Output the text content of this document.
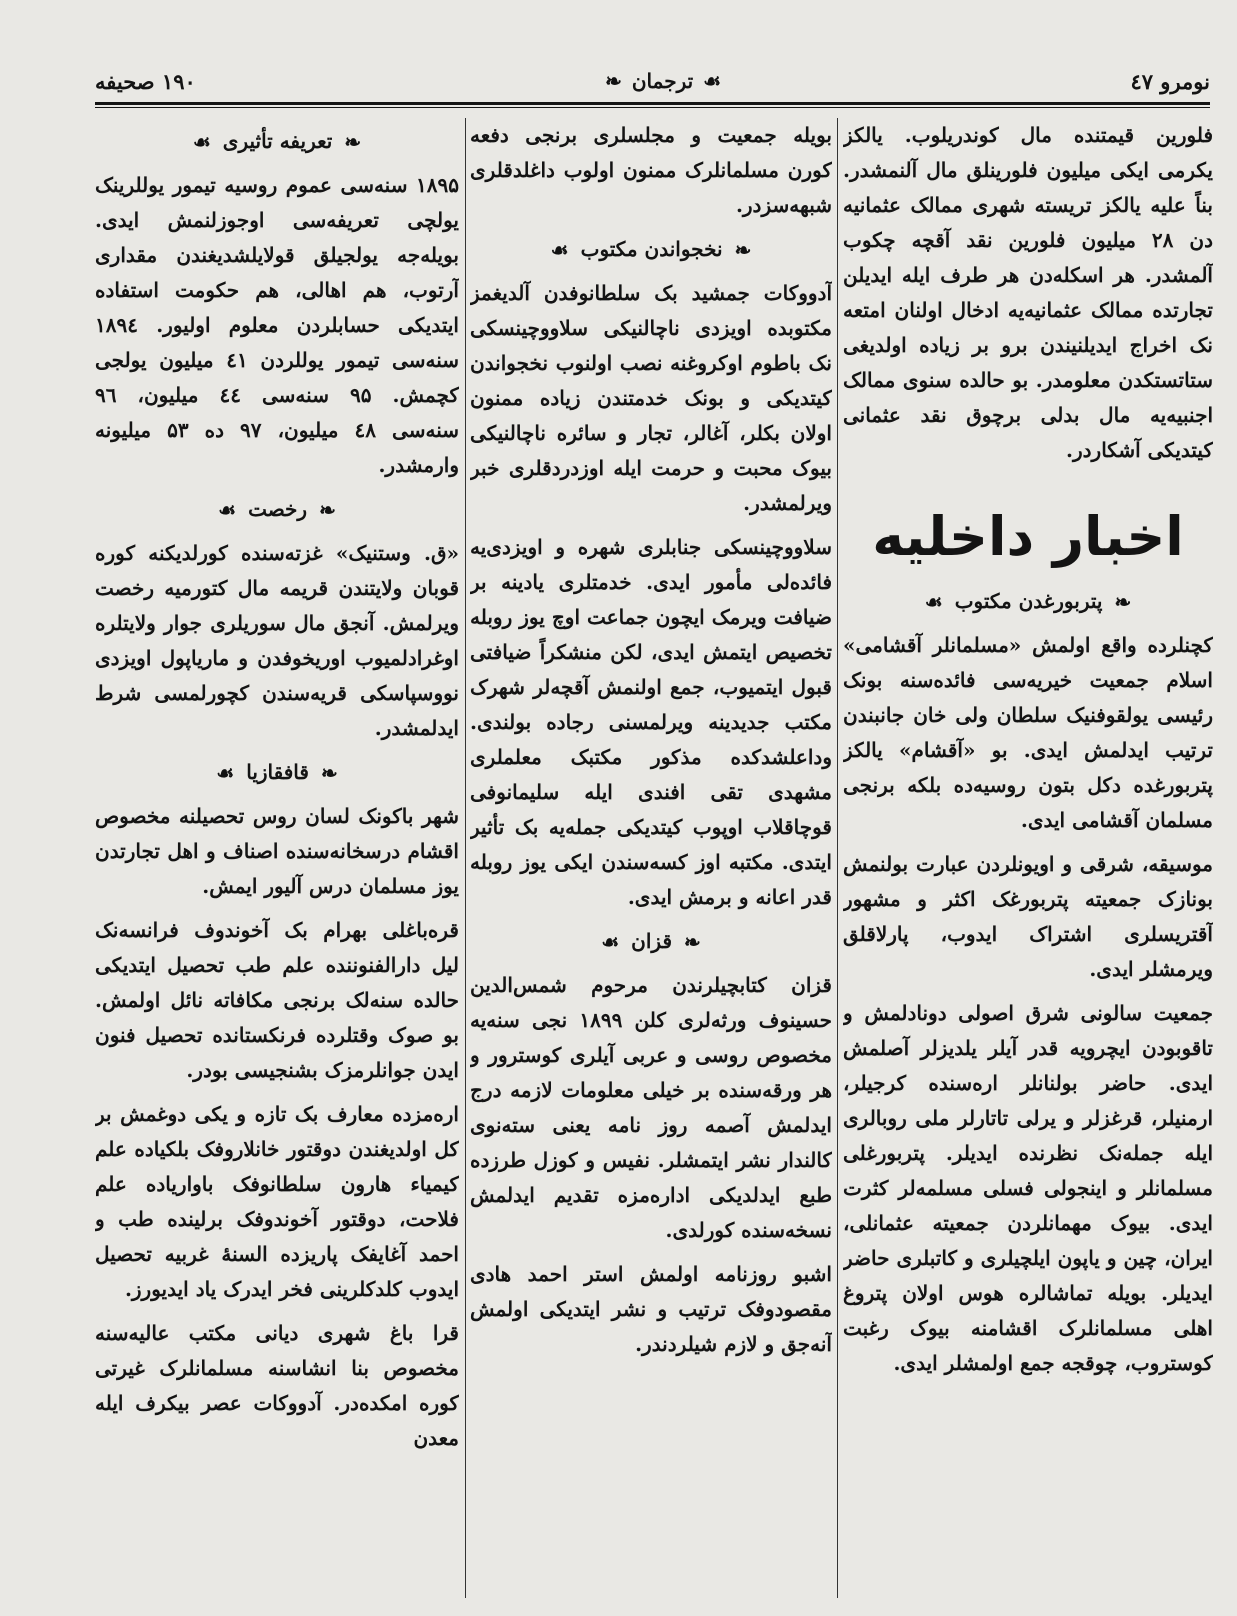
١٩٠ صحیفه	❧ ترجمان ☙	نومرو ٤٧

فلورین قیمتنده مال کوندریلوب. یالکز یکرمی ایکی میلیون فلورینلق مال آلنمشدر. بناً علیه یالکز تریسته شهری ممالک عثمانیه دن ۲۸ میلیون فلورین نقد آقچه چکوب آلمشدر. هر اسکله‌دن هر طرف ایله ایدیلن تجارتده ممالک عثمانیه‌یه ادخال اولنان امتعه نک اخراج ایدیلنیندن برو بر زیاده اولدیغی ستاتستکدن معلومدر. بو حالده سنوی ممالک اجنبیه‌یه مال بدلی برچوق نقد عثمانی کیتدیکی آشکاردر.

اخبار داخلیه
❧
پتربورغدن مکتوب
☙

کچنلرده واقع اولمش «مسلمانلر آقشامی» اسلام جمعیت خیریه‌سی فائده‌سنه بونک رئیسی یولقوفنیک سلطان ولی خان جانبندن ترتیب ایدلمش ایدی. بو «آقشام» یالکز پتربورغده دکل بتون روسیه‌ده بلکه برنجی مسلمان آقشامی ایدی.

موسیقه، شرقی و اویونلردن عبارت بولنمش بونازک جمعیته پتربورغک اکثر و مشهور آقتریسلری اشتراک ایدوب، پارلاقلق ویرمشلر ایدی.

جمعیت سالونی شرق اصولی دونادلمش و تاقوبودن ایچرویه قدر آیلر یلدیزلر آصلمش ایدی. حاضر بولنانلر ارەسنده کرجیلر، ارمنیلر، قرغزلر و یرلی تاتارلر ملی روبالری ایله جمله‌نک نظرنده ایدیلر. پتربورغلی مسلمانلر و اینجولی فسلی مسلمەلر کثرت ایدی. بیوک مهمانلردن جمعیته عثمانلی، ایران، چین و یاپون ایلچیلری و کاتبلری حاضر ایدیلر. بویله تماشالره هوس اولان پتروغ اهلی مسلمانلرک اقشامنه بیوک رغبت کوستروب، چوقجه جمع اولمشلر ایدی.

بویله جمعیت و مجلسلری برنجی دفعه کورن مسلمانلرک ممنون اولوب داغلدقلری شبهه‌سزدر.

❧
نخجواندن مکتوب
☙

آدووکات جمشید بک سلطانوفدن آلدیغمز مکتوبده اویزدی ناچالنیکی سلاووچینسکی نک باطوم اوکروغنه نصب اولنوب نخجواندن کیتدیکی و بونک خدمتندن زیاده ممنون اولان بکلر، آغالر، تجار و سائره ناچالنیکی بیوک محبت و حرمت ایله اوزدردقلری خبر ویرلمشدر.

سلاووچینسکی جنابلری شهره و اویزدی‌یه فائده‌لی مأمور ایدی. خدمتلری یادینه بر ضیافت ویرمک ایچون جماعت اوچ یوز روبله تخصیص ایتمش ایدی، لکن منشکراً ضیافتی قبول ایتمیوب، جمع اولنمش آقچەلر شهرک مکتب جدیدینه ویرلمسنی رجاده بولندی. وداعلشدکده مذکور مکتبک معلملری مشهدی تقی افندی ایله سلیمانوفی قوچاقلاب اوپوب کیتدیکی جمله‌یه بک تأثیر ایتدی. مکتبه اوز کسەسندن ایکی یوز روبله قدر اعانه و برمش ایدی.

❧
قزان
☙

قزان کتابچیلرندن مرحوم شمس‌الدین حسینوف ورثه‌لری کلن ۱۸۹۹ نجی سنه‌یه مخصوص روسی و عربی آیلری کوسترور و هر ورقه‌سنده بر خیلی معلومات لازمه درج ایدلمش آصمه روز نامه یعنی سته‌نوی کالندار نشر ایتمشلر. نفیس و کوزل طرزده طبع ایدلدیکی ادارەمزه تقدیم ایدلمش نسخه‌سنده کورلدی.

اشبو روزنامه اولمش استر احمد هادی مقصودوفک ترتیب و نشر ایتدیکی اولمش آنه‌جق و لازم شیلردندر.

❧
تعریفه تأثیری
☙

۱۸۹۵ سنه‌سی عموم روسیه تیمور یوللرینک یولچی تعریفه‌سی اوجوزلنمش ایدی. بویله‌جه یولجیلق قولایلشدیغندن مقداری آرتوب، هم اهالی، هم حکومت استفاده ایتدیکی حسابلردن معلوم اولیور. ۱۸۹٤ سنه‌سی تیمور یوللردن ٤۱ میلیون یولجی کچمش. ۹۵ سنه‌سی ٤٤ میلیون، ۹٦ سنه‌سی ٤۸ میلیون، ۹۷ ده ۵۳ میلیونه وارمشدر.

❧
رخصت
☙

«ق. وستنیک» غزته‌سنده کورلدیکنه کوره قوبان ولایتندن قریمه مال کتورمیه رخصت ویرلمش. آنجق مال سوریلری جوار ولایتلره اوغرادلمیوب اوریخوفدن و ماریاپول اویزدی نووسپاسکی قریه‌سندن کچورلمسی شرط ایدلمشدر.

❧
قافقازیا
☙

شهر باکونک لسان روس تحصیلنه مخصوص اقشام درسخانه‌سنده اصناف و اهل تجارتدن یوز مسلمان درس آلیور ایمش.

قره‌باغلی بهرام بک آخوندوف فرانسه‌نک لیل دارالفنوننده علم طب تحصیل ایتدیکی حالده سنه‌لک برنجی مکافاته نائل اولمش. بو صوک وقتلرده فرنکستانده تحصیل فنون ایدن جوانلرمزک بشنجیسی بودر.

اره‌مزده معارف بک تازه و یکی دوغمش بر کل اولدیغندن دوقتور خانلاروفک بلکیاده علم کیمیاء هارون سلطانوفک باواریاده علم فلاحت، دوقتور آخوندوفک برلینده طب و احمد آغایفک پاریزده السنهٔ غربیه تحصیل ایدوب کلدکلرینی فخر ایدرک یاد ایدیورز.

قرا باغ شهری دیانی مکتب عالیه‌سنه مخصوص بنا انشاسنه مسلمانلرک غیرتی کوره امکده‌در. آدووکات عصر بیکرف ایله معدن
